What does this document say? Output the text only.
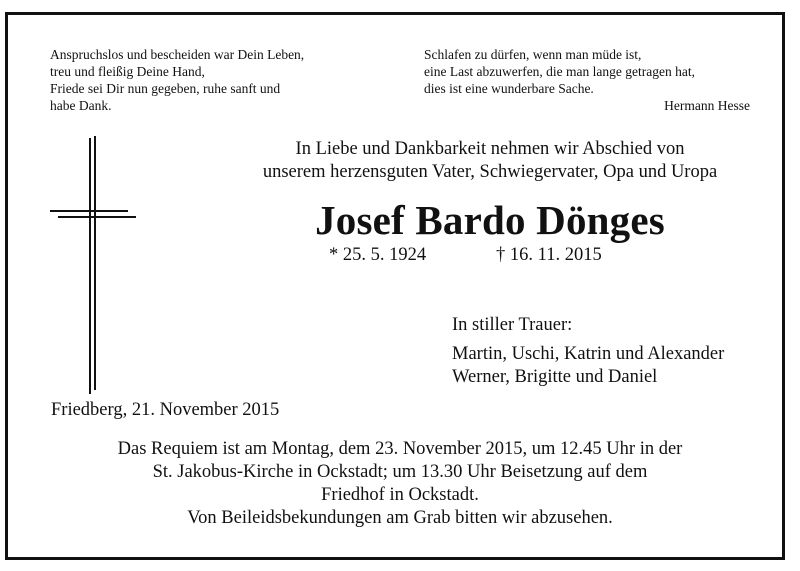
Anspruchslos und bescheiden war Dein Leben,
treu und fleißig Deine Hand,
Friede sei Dir nun gegeben, ruhe sanft und
habe Dank.
Schlafen zu dürfen, wenn man müde ist,
eine Last abzuwerfen, die man lange getragen hat,
dies ist eine wunderbare Sache.
Hermann Hesse
In Liebe und Dankbarkeit nehmen wir Abschied von
unserem herzensguten Vater, Schwiegervater, Opa und Uropa
Josef Bardo Dönges
* 25. 5. 1924	† 16. 11. 2015
In stiller Trauer:
Martin, Uschi, Katrin und Alexander
Werner, Brigitte und Daniel
Friedberg, 21. November 2015
Das Requiem ist am Montag, dem 23. November 2015, um 12.45 Uhr in der
St. Jakobus-Kirche in Ockstadt; um 13.30 Uhr Beisetzung auf dem
Friedhof in Ockstadt.
Von Beileidsbekundungen am Grab bitten wir abzusehen.
